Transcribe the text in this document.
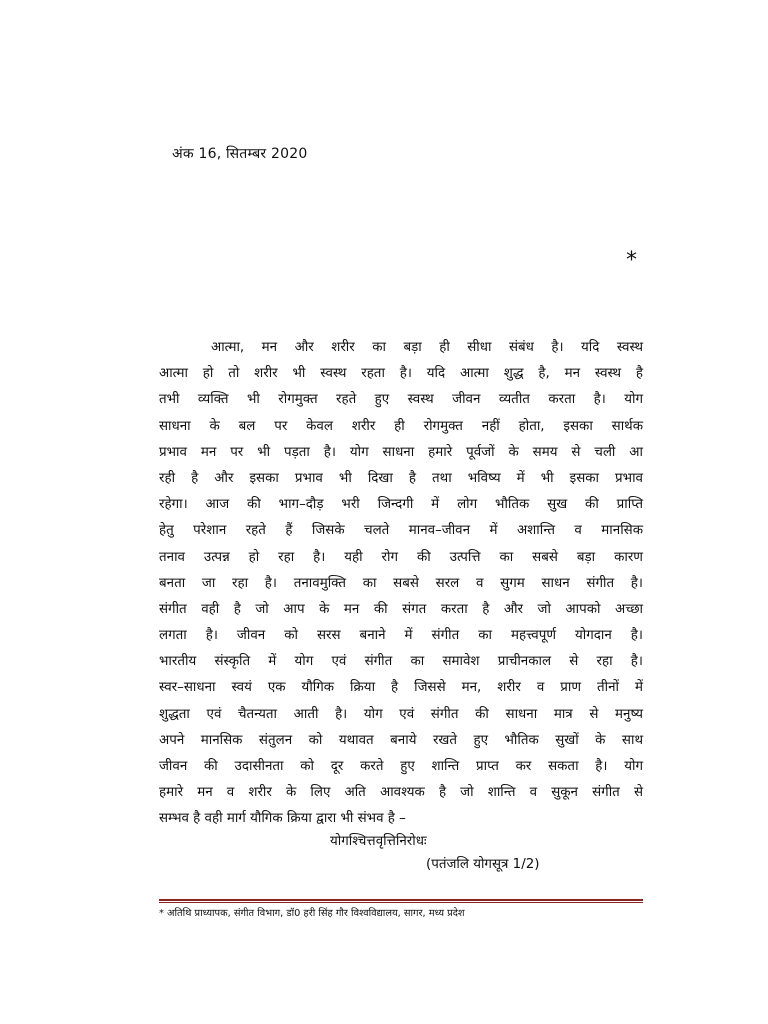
अंक 16, सितम्बर 2020
*
आत्मा, मन और शरीर का बड़ा ही सीधा संबंध है। यदि स्वस्थ
आत्मा हो तो शरीर भी स्वस्थ रहता है। यदि आत्मा शुद्ध है, मन स्वस्थ है
तभी व्यक्ति भी रोगमुक्त रहते हुए स्वस्थ जीवन व्यतीत करता है। योग
साधना के बल पर केवल शरीर ही रोगमुक्त नहीं होता, इसका सार्थक
प्रभाव मन पर भी पड़ता है। योग साधना हमारे पूर्वजों के समय से चली आ
रही है और इसका प्रभाव भी दिखा है तथा भविष्य में भी इसका प्रभाव
रहेगा। आज की भाग–दौड़ भरी जिन्दगी में लोग भौतिक सुख की प्राप्ति
हेतु परेशान रहते हैं जिसके चलते मानव–जीवन में अशान्ति व मानसिक
तनाव उत्पन्न हो रहा है। यही रोग की उत्पत्ति का सबसे बड़ा कारण
बनता जा रहा है। तनावमुक्ति का सबसे सरल व सुगम साधन संगीत है।
संगीत वही है जो आप के मन की संगत करता है और जो आपको अच्छा
लगता है। जीवन को सरस बनाने में संगीत का महत्त्वपूर्ण योगदान है।
भारतीय संस्कृति में योग एवं संगीत का समावेश प्राचीनकाल से रहा है।
स्वर–साधना स्वयं एक यौगिक क्रिया है जिससे मन, शरीर व प्राण तीनों में
शुद्धता एवं चैतन्यता आती है। योग एवं संगीत की साधना मात्र से मनुष्य
अपने मानसिक संतुलन को यथावत बनाये रखते हुए भौतिक सुखों के साथ
जीवन की उदासीनता को दूर करते हुए शान्ति प्राप्त कर सकता है। योग
हमारे मन व शरीर के लिए अति आवश्यक है जो शान्ति व सुकून संगीत से
सम्भव है वही मार्ग यौगिक क्रिया द्वारा भी संभव है –
योगश्चित्तवृत्तिनिरोधः
(पतंजलि योगसूत्र 1/2)
* अतिथि प्राध्यापक, संगीत विभाग, डॉ0 हरी सिंह गौर विश्वविद्यालय, सागर, मध्य प्रदेश
